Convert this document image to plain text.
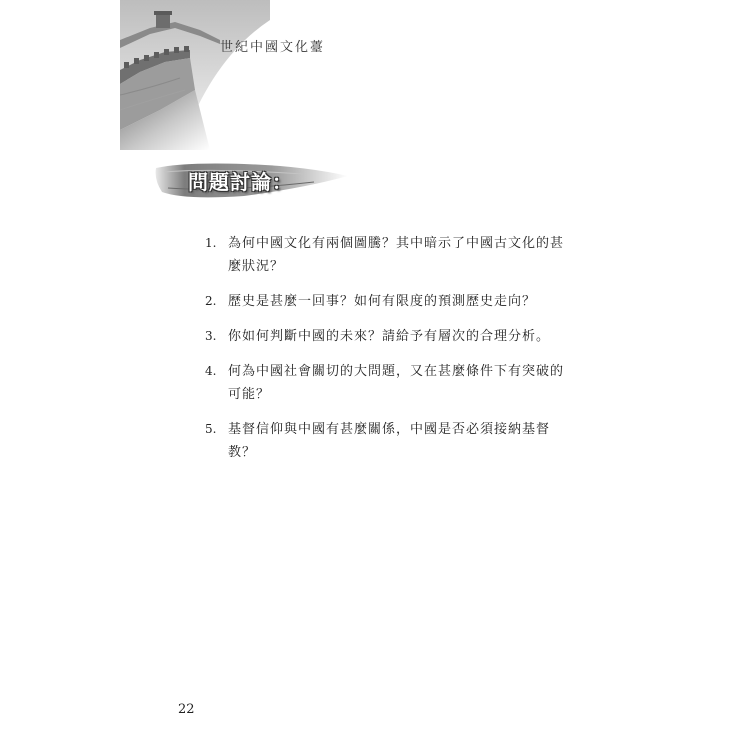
世紀中國文化薹
問題討論：
1. 為何中國文化有兩個圖騰？其中暗示了中國古文化的甚麼狀況？
2. 歷史是甚麼一回事？如何有限度的預測歷史走向？
3. 你如何判斷中國的未來？請給予有層次的合理分析。
4. 何為中國社會關切的大問題，又在甚麼條件下有突破的可能？
5. 基督信仰與中國有甚麼關係，中國是否必須接納基督教？
22
